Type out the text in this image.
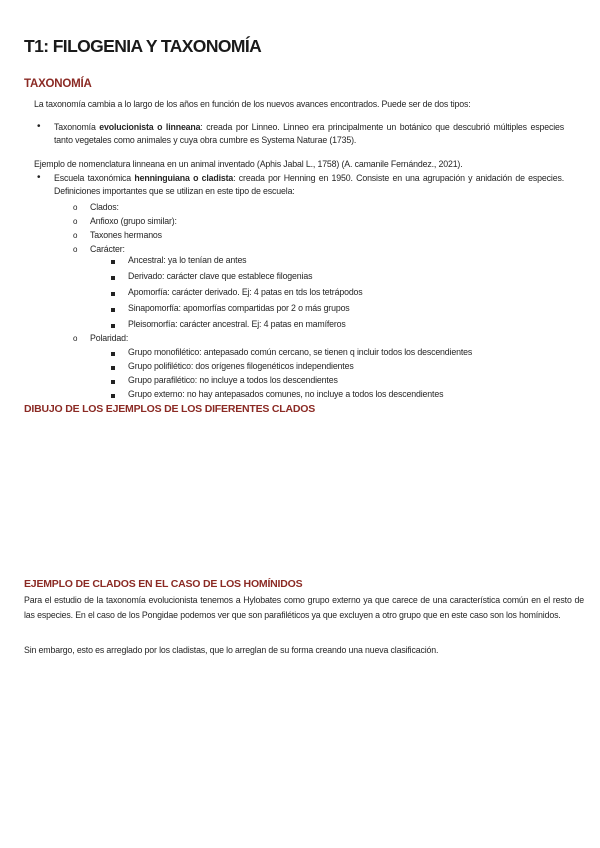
T1: FILOGENIA Y TAXONOMÍA
TAXONOMÍA
La taxonomía cambia a lo largo de los años en función de los nuevos avances encontrados. Puede ser de dos tipos:
• Taxonomía evolucionista o linneana: creada por Linneo. Linneo era principalmente un botánico que descubrió múltiples especies tanto vegetales como animales y cuya obra cumbre es Systema Naturae (1735).
Ejemplo de nomenclatura linneana en un animal inventado (Aphis Jabal L., 1758) (A. camanile Fernández., 2021).
• Escuela taxonómica henninguiana o cladista: creada por Henning en 1950. Consiste en una agrupación y anidación de especies. Definiciones importantes que se utilizan en este tipo de escuela:
o Clados:
o Anfioxo (grupo similar):
o Taxones hermanos
o Carácter:
Ancestral: ya lo tenían de antes
Derivado: carácter clave que establece filogenias
Apomorfía: carácter derivado. Ej: 4 patas en tds los tetrápodos
Sinapomorfía: apomorfías compartidas por 2 o más grupos
Pleisomorfía: carácter ancestral. Ej: 4 patas en mamíferos
o Polaridad:
Grupo monofilético: antepasado común cercano, se tienen q incluir todos los descendientes
Grupo polifilético: dos orígenes filogenéticos independientes
Grupo parafilético: no incluye a todos los descendientes
Grupo externo: no hay antepasados comunes, no incluye a todos los descendientes
DIBUJO DE LOS EJEMPLOS DE LOS DIFERENTES CLADOS
EJEMPLO DE CLADOS EN EL CASO DE LOS HOMÍNIDOS
Para el estudio de la taxonomía evolucionista tenemos a Hylobates como grupo externo ya que carece de una característica común en el resto de las especies. En el caso de los Pongidae podemos ver que son parafiléticos ya que excluyen a otro grupo que en este caso son los homínidos.
Sin embargo, esto es arreglado por los cladistas, que lo arreglan de su forma creando una nueva clasificación.
